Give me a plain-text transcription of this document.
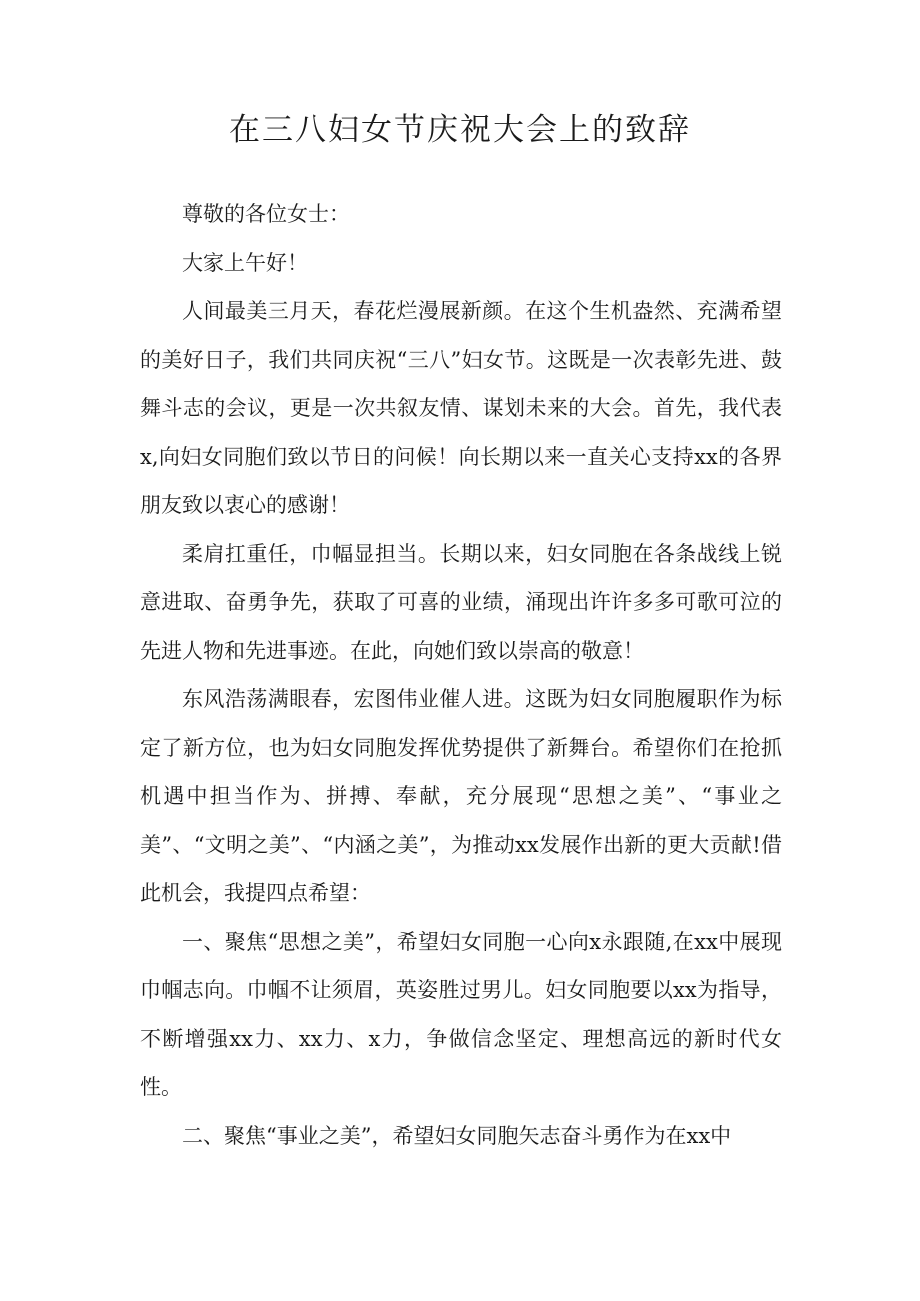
在三八妇女节庆祝大会上的致辞

尊敬的各位女士：

大家上午好！

人间最美三月天，春花烂漫展新颜。在这个生机盎然、充满希望的美好日子，我们共同庆祝“三八”妇女节。这既是一次表彰先进、鼓舞斗志的会议，更是一次共叙友情、谋划未来的大会。首先，我代表x,向妇女同胞们致以节日的问候！向长期以来一直关心支持xx的各界朋友致以衷心的感谢！

柔肩扛重任，巾幅显担当。长期以来，妇女同胞在各条战线上锐意进取、奋勇争先，获取了可喜的业绩，涌现出许许多多可歌可泣的先进人物和先进事迹。在此，向她们致以崇高的敬意！

东风浩荡满眼春，宏图伟业催人进。这既为妇女同胞履职作为标定了新方位，也为妇女同胞发挥优势提供了新舞台。希望你们在抢抓机遇中担当作为、拼搏、奉献，充分展现“思想之美”、“事业之美”、“文明之美”、“内涵之美”，为推动xx发展作出新的更大贡献!借此机会，我提四点希望：

一、聚焦“思想之美”，希望妇女同胞一心向x永跟随,在xx中展现巾帼志向。巾帼不让须眉，英姿胜过男儿。妇女同胞要以xx为指导，不断增强xx力、xx力、x力，争做信念坚定、理想高远的新时代女性。

二、聚焦“事业之美”，希望妇女同胞矢志奋斗勇作为在xx中
